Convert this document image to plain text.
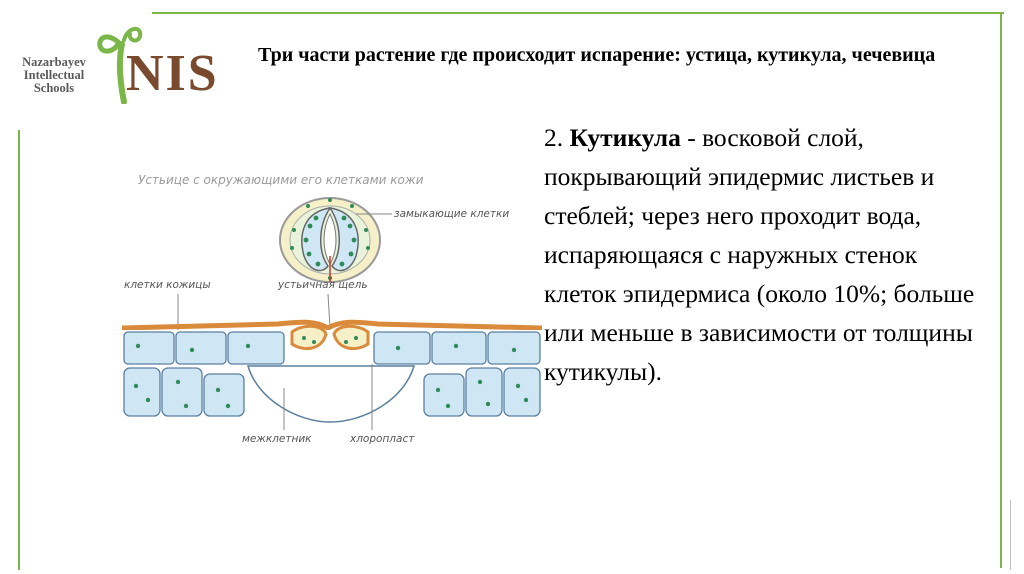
Nazarbayev
Intellectual
Schools NIS Три части растение где происходит испарение: устица, кутикула, чечевица
2. Кутикула - восковой слой, покрывающий эпидермис листьев и стеблей; через него проходит вода, испаряющаяся с наружных стенок клеток эпидермиса (около 10%; больше или меньше в зависимости от толщины кутикулы).
Устьице с окружающими его клетками кожи
замыкающие клетки
клетки кожицы	устьичная щель
межклетник	хлоропласт
